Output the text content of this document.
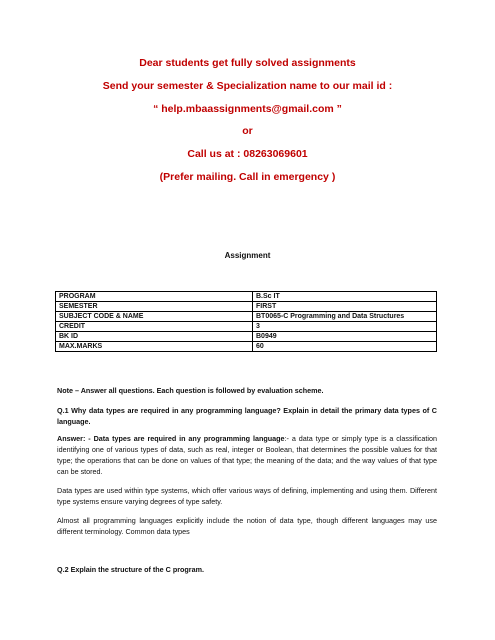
Dear students get fully solved assignments
Send your semester & Specialization name to our mail id :
“ help.mbaassignments@gmail.com ”
or
Call us at : 08263069601
(Prefer mailing. Call in emergency )
Assignment
PROGRAM	B.Sc IT
SEMESTER	FIRST
SUBJECT CODE & NAME	BT0065-C Programming and Data Structures
CREDIT	3
BK ID	B0949
MAX.MARKS	60
Note – Answer all questions. Each question is followed by evaluation scheme.
Q.1 Why data types are required in any programming language? Explain in detail the primary data types of C language.
Answer: - Data types are required in any programming language:- a data type or simply type is a classification identifying one of various types of data, such as real, integer or Boolean, that determines the possible values for that type; the operations that can be done on values of that type; the meaning of the data; and the way values of that type can be stored.
Data types are used within type systems, which offer various ways of defining, implementing and using them. Different type systems ensure varying degrees of type safety.
Almost all programming languages explicitly include the notion of data type, though different languages may use different terminology. Common data types
Q.2 Explain the structure of the C program.
